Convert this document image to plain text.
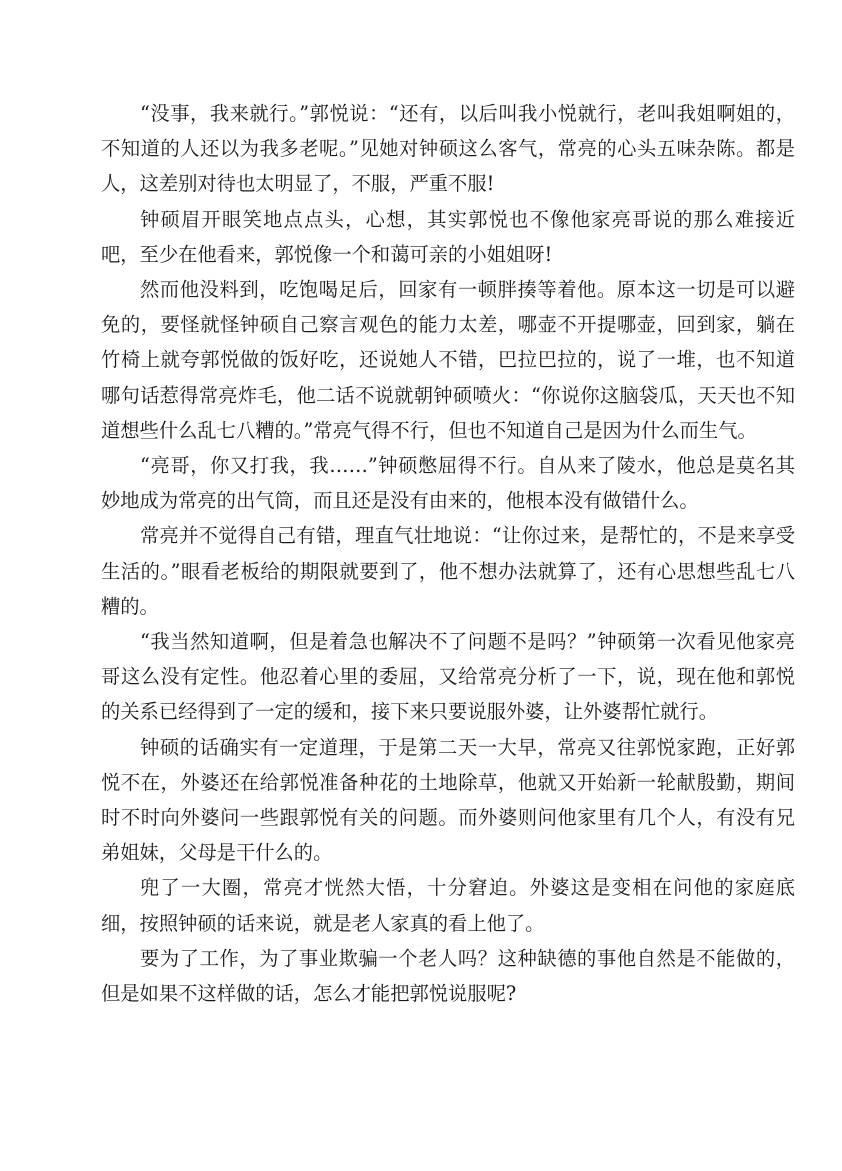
“没事，我来就行。”郭悦说：“还有，以后叫我小悦就行，老叫我姐啊姐的，不知道的人还以为我多老呢。”见她对钟硕这么客气，常亮的心头五味杂陈。都是人，这差别对待也太明显了，不服，严重不服!

钟硕眉开眼笑地点点头，心想，其实郭悦也不像他家亮哥说的那么难接近吧，至少在他看来，郭悦像一个和蔼可亲的小姐姐呀!

然而他没料到，吃饱喝足后，回家有一顿胖揍等着他。原本这一切是可以避免的，要怪就怪钟硕自己察言观色的能力太差，哪壶不开提哪壶，回到家，躺在竹椅上就夸郭悦做的饭好吃，还说她人不错，巴拉巴拉的，说了一堆，也不知道哪句话惹得常亮炸毛，他二话不说就朝钟硕喷火：“你说你这脑袋瓜，天天也不知道想些什么乱七八糟的。”常亮气得不行，但也不知道自己是因为什么而生气。

“亮哥，你又打我，我……”钟硕憋屈得不行。自从来了陵水，他总是莫名其妙地成为常亮的出气筒，而且还是没有由来的，他根本没有做错什么。

常亮并不觉得自己有错，理直气壮地说：“让你过来，是帮忙的，不是来享受生活的。”眼看老板给的期限就要到了，他不想办法就算了，还有心思想些乱七八糟的。

“我当然知道啊，但是着急也解决不了问题不是吗？”钟硕第一次看见他家亮哥这么没有定性。他忍着心里的委屈，又给常亮分析了一下，说，现在他和郭悦的关系已经得到了一定的缓和，接下来只要说服外婆，让外婆帮忙就行。

钟硕的话确实有一定道理，于是第二天一大早，常亮又往郭悦家跑，正好郭悦不在，外婆还在给郭悦准备种花的土地除草，他就又开始新一轮献殷勤，期间时不时向外婆问一些跟郭悦有关的问题。而外婆则问他家里有几个人，有没有兄弟姐妹，父母是干什么的。

兜了一大圈，常亮才恍然大悟，十分窘迫。外婆这是变相在问他的家庭底细，按照钟硕的话来说，就是老人家真的看上他了。

要为了工作，为了事业欺骗一个老人吗？这种缺德的事他自然是不能做的，但是如果不这样做的话，怎么才能把郭悦说服呢?
